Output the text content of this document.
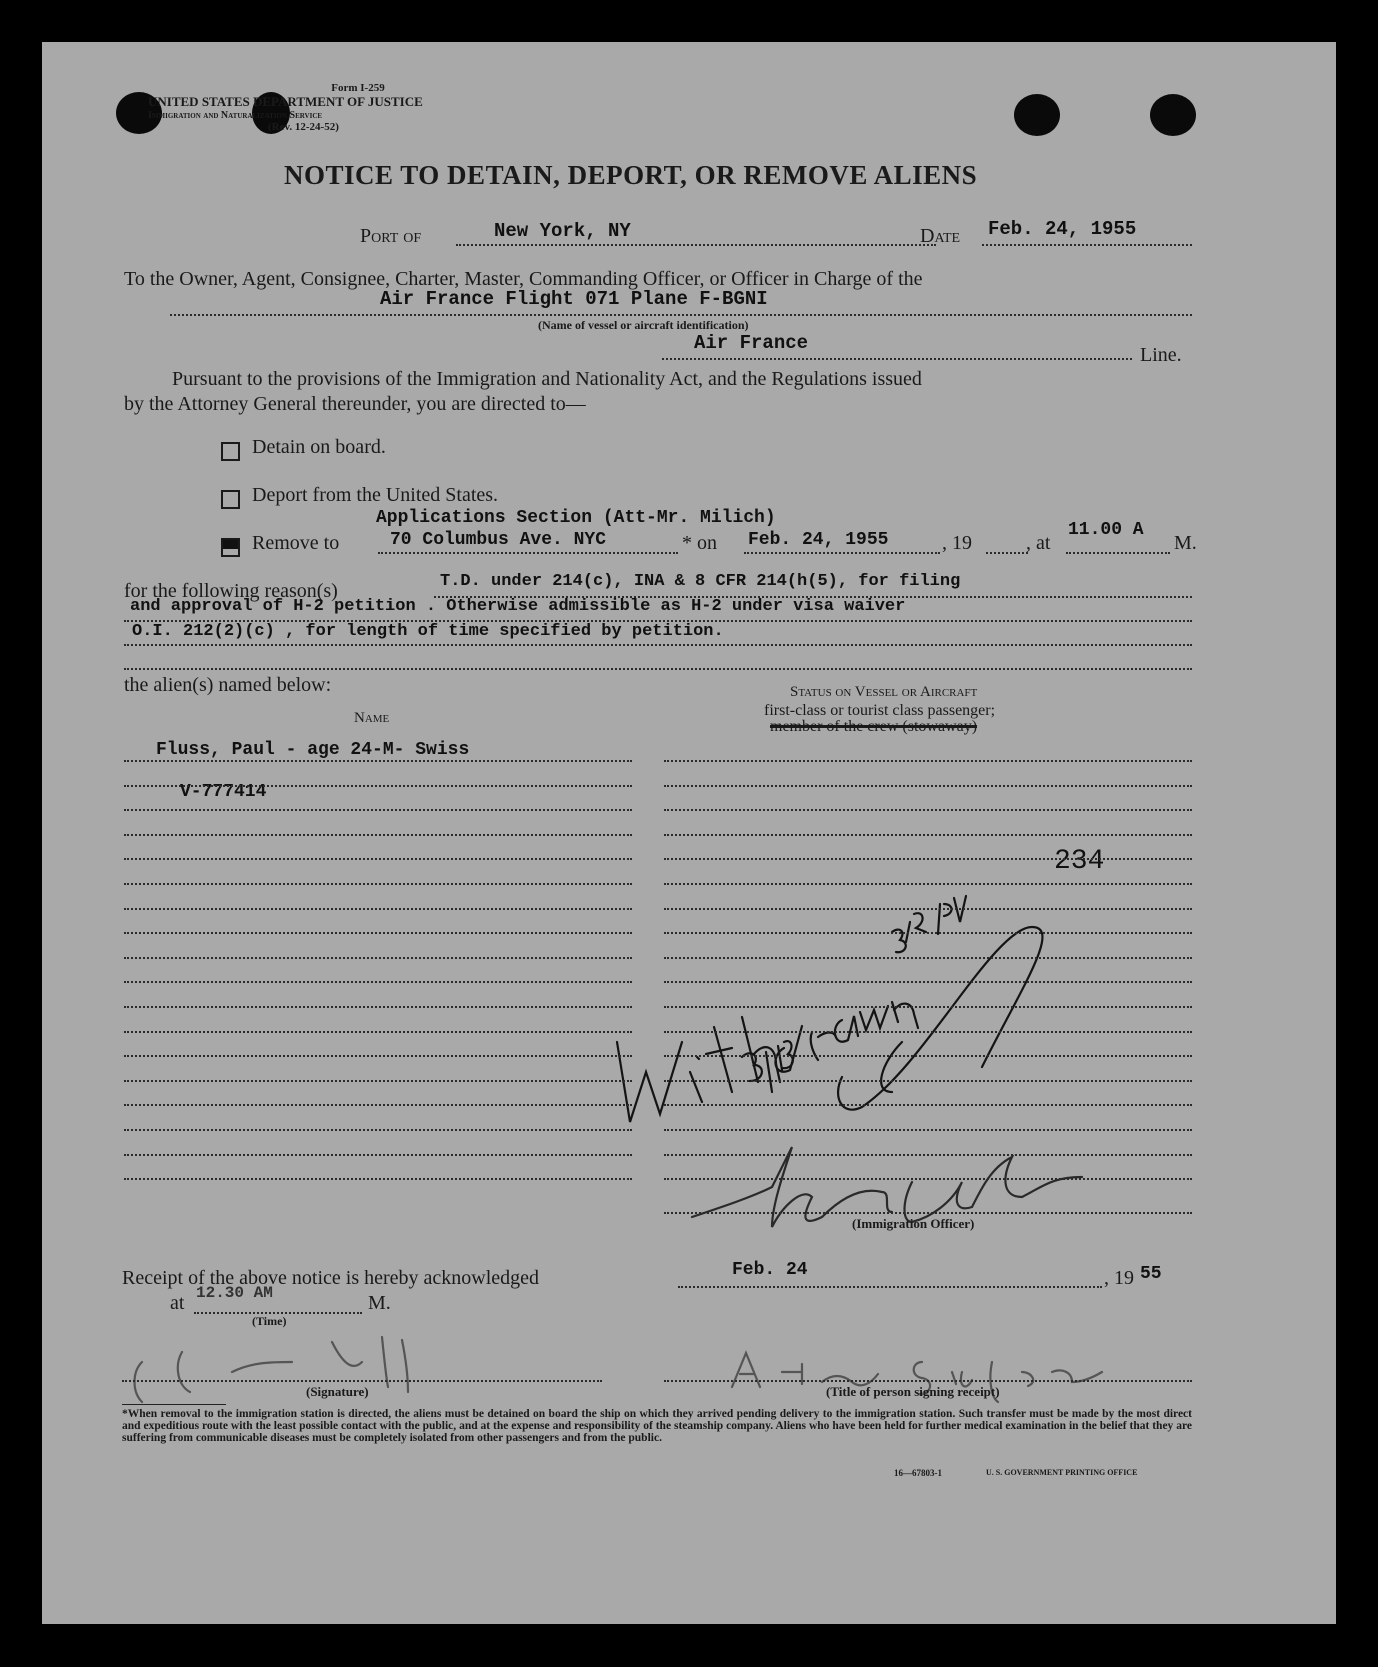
Form I-259
UNITED STATES DEPARTMENT OF JUSTICE
Immigration and Naturalization Service
(Rev. 12-24-52)
NOTICE TO DETAIN, DEPORT, OR REMOVE ALIENS
Port of	New York, NY	Date Feb. 24, 1955
To the Owner, Agent, Consignee, Charter, Master, Commanding Officer, or Officer in Charge of the
Air France Flight 071 Plane F-BGNI
(Name of vessel or aircraft identification)
Air France
Line.
Pursuant to the provisions of the Immigration and Nationality Act, and the Regulations issued
by the Attorney General thereunder, you are directed to—
Detain on board.
Deport from the United States.
Remove to
Applications Section (Att-Mr. Milich)
70 Columbus Ave. NYC	* on Feb. 24, 1955	, 19	, at
11.00 A
M.
for the following reason(s)	T.D. under 214(c), INA & 8 CFR 214(h(5), for filing
and approval of H-2 petition . Otherwise admissible as H-2 under visa waiver
O.I. 212(2)(c) , for length of time specified by petition.
the alien(s) named below:
Name
Status on Vessel or Aircraft
first-class or tourist class passenger;
member of the crew (stowaway)
Fluss, Paul - age 24-M- Swiss
V-777414
234
(Immigration Officer)
Receipt of the above notice is hereby acknowledged	Feb. 24	, 19 55
at 12.30 AM	M.
(Time)
(Signature)	(Title of person signing receipt)
*When removal to the immigration station is directed, the aliens must be detained on board the ship on which they arrived pending delivery to the immigration station. Such transfer must be made by the most direct and expeditious route with the least possible contact with the public, and at the expense and responsibility of the steamship company. Aliens who have been held for further medical examination in the belief that they are suffering from communicable diseases must be completely isolated from other passengers and from the public.
16—67803-1	U. S. GOVERNMENT PRINTING OFFICE
